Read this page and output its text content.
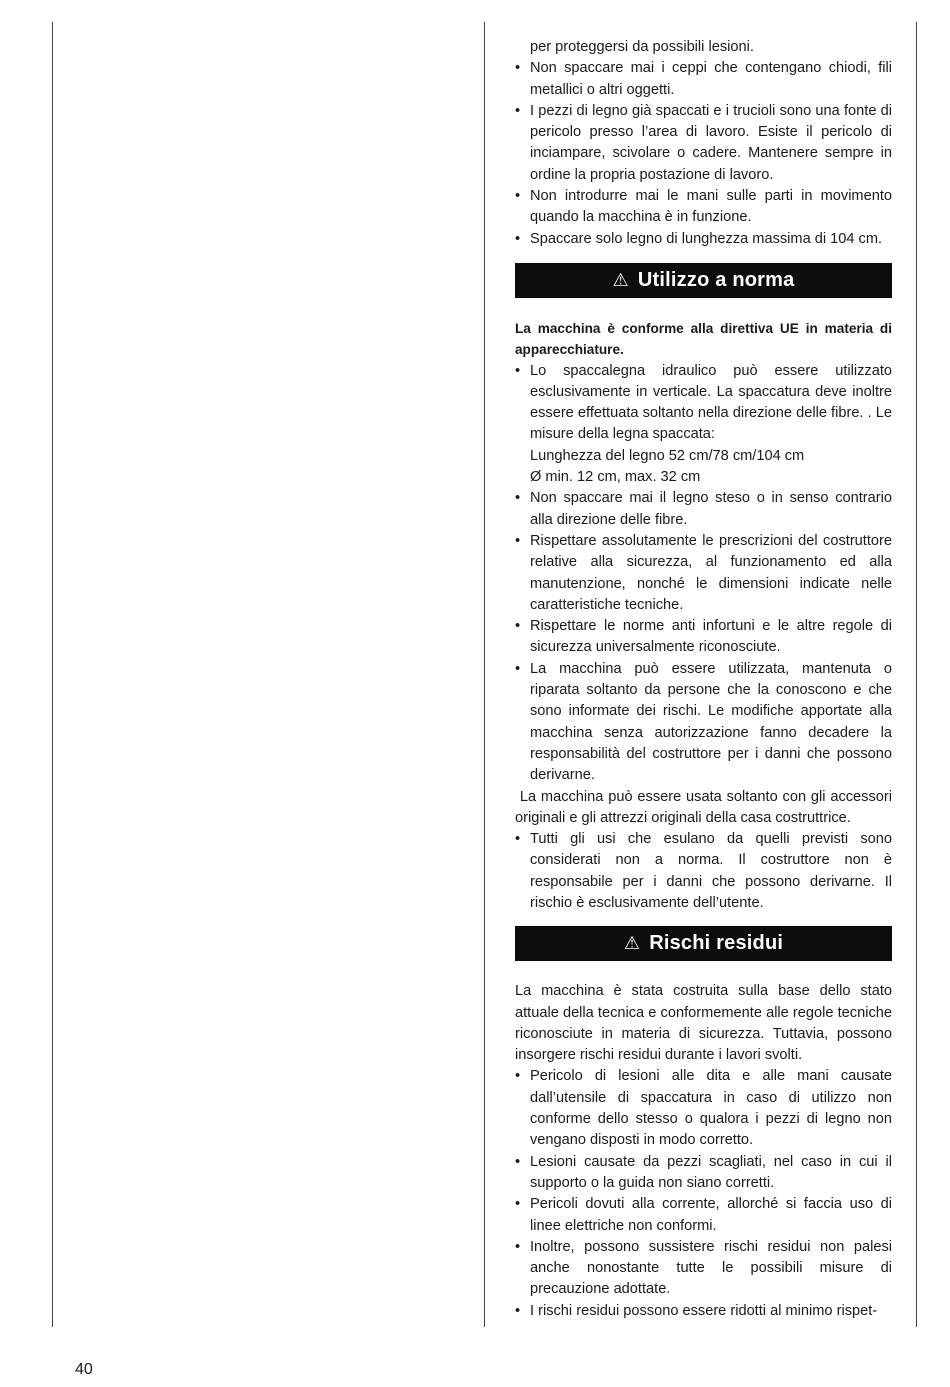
per proteggersi da possibili lesioni.
• Non spaccare mai i ceppi che contengano chiodi, fili metallici o altri oggetti.
• I pezzi di legno già spaccati e i trucioli sono una fonte di pericolo presso l’area di lavoro. Esiste il pericolo di inciampare, scivolare o cadere. Mantenere sempre in ordine la propria postazione di lavoro.
• Non introdurre mai le mani sulle parti in movimento quando la macchina è in funzione.
• Spaccare solo legno di lunghezza massima di 104 cm.
⚠ Utilizzo a norma

La macchina è conforme alla direttiva UE in materia di apparecchiature.

• Lo spaccalegna idraulico può essere utilizzato esclusivamente in verticale. La spaccatura deve inoltre essere effettuata soltanto nella direzione delle fibre. . Le misure della legna spaccata:
Lunghezza del legno 52 cm/78 cm/104 cm
Ø min. 12 cm, max. 32 cm
• Non spaccare mai il legno steso o in senso contrario alla direzione delle fibre.
• Rispettare assolutamente le prescrizioni del costruttore relative alla sicurezza, al funzionamento ed alla manutenzione, nonché le dimensioni indicate nelle caratteristiche tecniche.
• Rispettare le norme anti infortuni e le altre regole di sicurezza universalmente riconosciute.
• La macchina può essere utilizzata, mantenuta o riparata soltanto da persone che la conoscono e che sono informate dei rischi. Le modifiche apportate alla macchina senza autorizzazione fanno decadere la responsabilità del costruttore per i danni che possono derivarne.

La macchina può essere usata soltanto con gli accessori originali e gli attrezzi originali della casa costruttrice.

• Tutti gli usi che esulano da quelli previsti sono considerati non a norma. Il costruttore non è responsabile per i danni che possono derivarne. Il rischio è esclusivamente dell’utente.
⚠ Rischi residui

La macchina è stata costruita sulla base dello stato attuale della tecnica e conformemente alle regole tecniche riconosciute in materia di sicurezza. Tuttavia, possono insorgere rischi residui durante i lavori svolti.

• Pericolo di lesioni alle dita e alle mani causate dall’utensile di spaccatura in caso di utilizzo non conforme dello stesso o qualora i pezzi di legno non vengano disposti in modo corretto.
• Lesioni causate da pezzi scagliati, nel caso in cui il supporto o la guida non siano corretti.
• Pericoli dovuti alla corrente, allorché si faccia uso di linee elettriche non conformi.
• Inoltre, possono sussistere rischi residui non palesi anche nonostante tutte le possibili misure di precauzione adottate.
• I rischi residui possono essere ridotti al minimo rispet-
40
